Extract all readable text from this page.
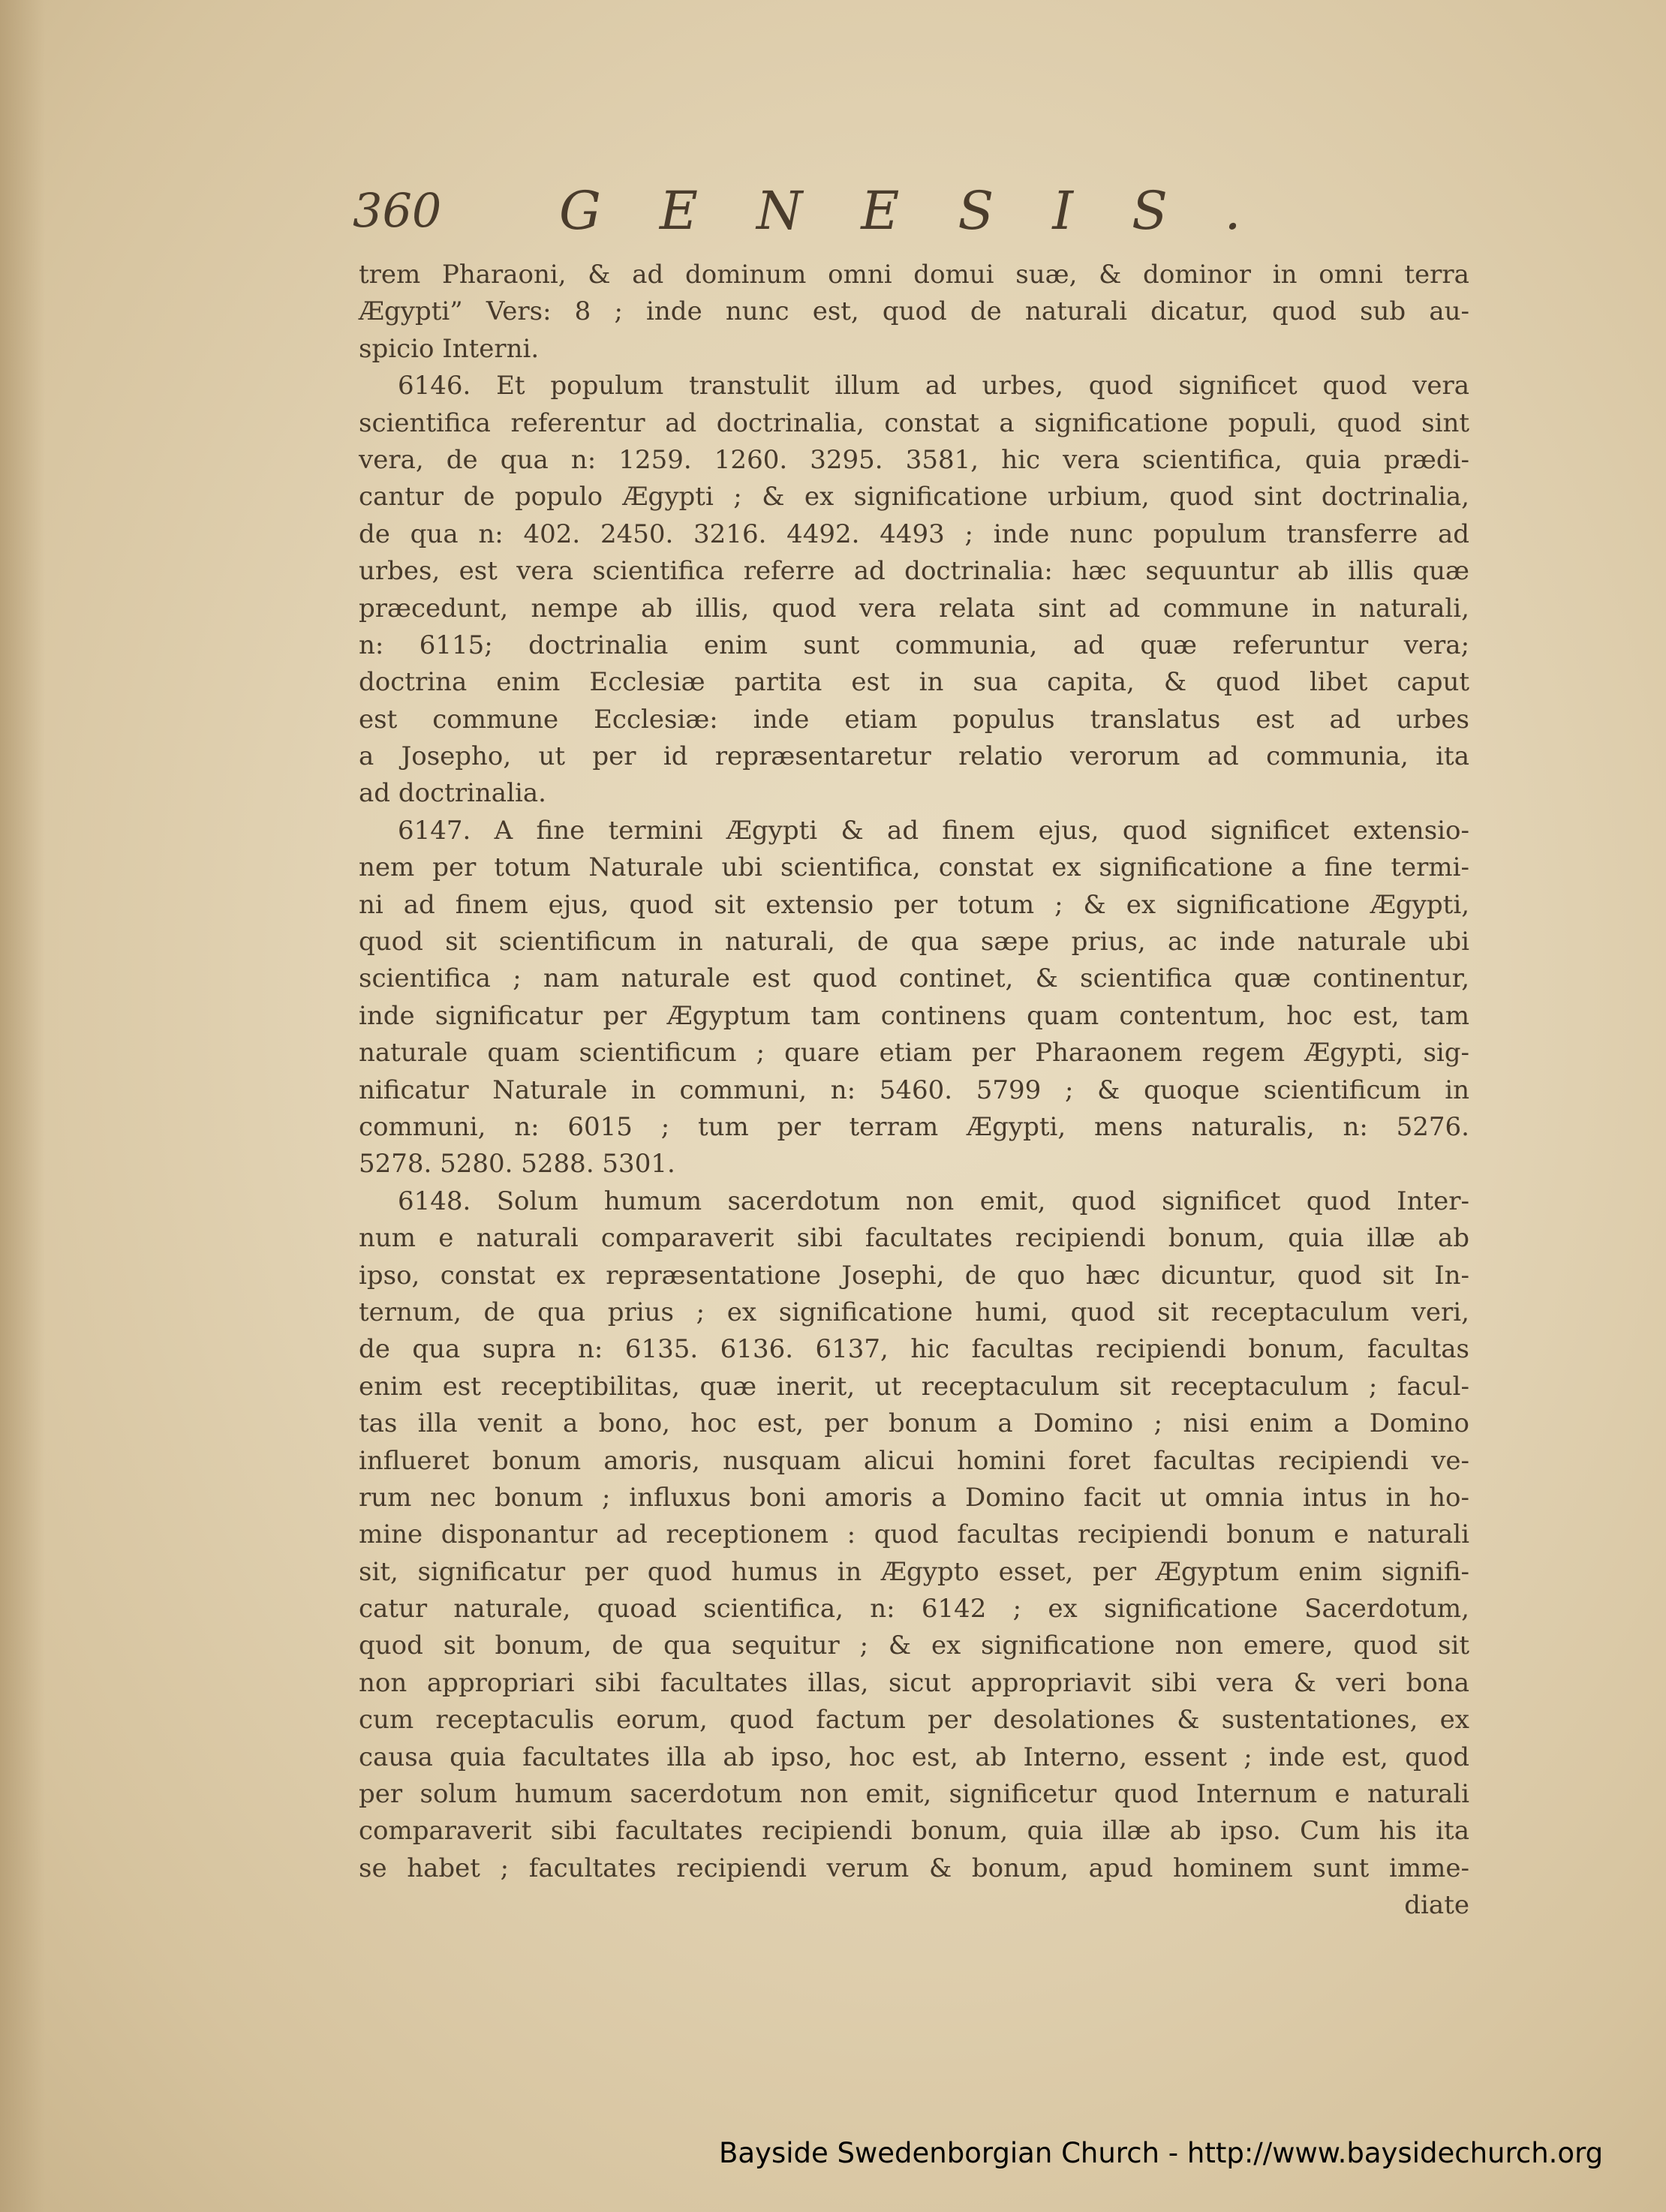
360 GENESIS.
trem Pharaoni, & ad dominum omni domui suæ, & dominor in omni terra
Ægypti” Vers: 8 ; inde nunc est, quod de naturali dicatur, quod sub au-
spicio Interni.
6146. Et populum transtulit illum ad urbes, quod significet quod vera
scientifica referentur ad doctrinalia, constat a significatione populi, quod sint
vera, de qua n: 1259. 1260. 3295. 3581, hic vera scientifica, quia prædi-
cantur de populo Ægypti ; & ex significatione urbium, quod sint doctrinalia,
de qua n: 402. 2450. 3216. 4492. 4493 ; inde nunc populum transferre ad
urbes, est vera scientifica referre ad doctrinalia: hæc sequuntur ab illis quæ
præcedunt, nempe ab illis, quod vera relata sint ad commune in naturali,
n: 6115; doctrinalia enim sunt communia, ad quæ referuntur vera;
doctrina enim Ecclesiæ partita est in sua capita, & quod libet caput
est commune Ecclesiæ: inde etiam populus translatus est ad urbes
a Josepho, ut per id repræsentaretur relatio verorum ad communia, ita
ad doctrinalia.
6147. A fine termini Ægypti & ad finem ejus, quod significet extensio-
nem per totum Naturale ubi scientifica, constat ex significatione a fine termi-
ni ad finem ejus, quod sit extensio per totum ; & ex significatione Ægypti,
quod sit scientificum in naturali, de qua sæpe prius, ac inde naturale ubi
scientifica ; nam naturale est quod continet, & scientifica quæ continentur,
inde significatur per Ægyptum tam continens quam contentum, hoc est, tam
naturale quam scientificum ; quare etiam per Pharaonem regem Ægypti, sig-
nificatur Naturale in communi, n: 5460. 5799 ; & quoque scientificum in
communi, n: 6015 ; tum per terram Ægypti, mens naturalis, n: 5276.
5278. 5280. 5288. 5301.
6148. Solum humum sacerdotum non emit, quod significet quod Inter-
num e naturali comparaverit sibi facultates recipiendi bonum, quia illæ ab
ipso, constat ex repræsentatione Josephi, de quo hæc dicuntur, quod sit In-
ternum, de qua prius ; ex significatione humi, quod sit receptaculum veri,
de qua supra n: 6135. 6136. 6137, hic facultas recipiendi bonum, facultas
enim est receptibilitas, quæ inerit, ut receptaculum sit receptaculum ; facul-
tas illa venit a bono, hoc est, per bonum a Domino ; nisi enim a Domino
influeret bonum amoris, nusquam alicui homini foret facultas recipiendi ve-
rum nec bonum ; influxus boni amoris a Domino facit ut omnia intus in ho-
mine disponantur ad receptionem : quod facultas recipiendi bonum e naturali
sit, significatur per quod humus in Ægypto esset, per Ægyptum enim signifi-
catur naturale, quoad scientifica, n: 6142 ; ex significatione Sacerdotum,
quod sit bonum, de qua sequitur ; & ex significatione non emere, quod sit
non appropriari sibi facultates illas, sicut appropriavit sibi vera & veri bona
cum receptaculis eorum, quod factum per desolationes & sustentationes, ex
causa quia facultates illa ab ipso, hoc est, ab Interno, essent ; inde est, quod
per solum humum sacerdotum non emit, significetur quod Internum e naturali
comparaverit sibi facultates recipiendi bonum, quia illæ ab ipso. Cum his ita
se habet ; facultates recipiendi verum & bonum, apud hominem sunt imme-
diate
Bayside Swedenborgian Church - http://www.baysidechurch.org
